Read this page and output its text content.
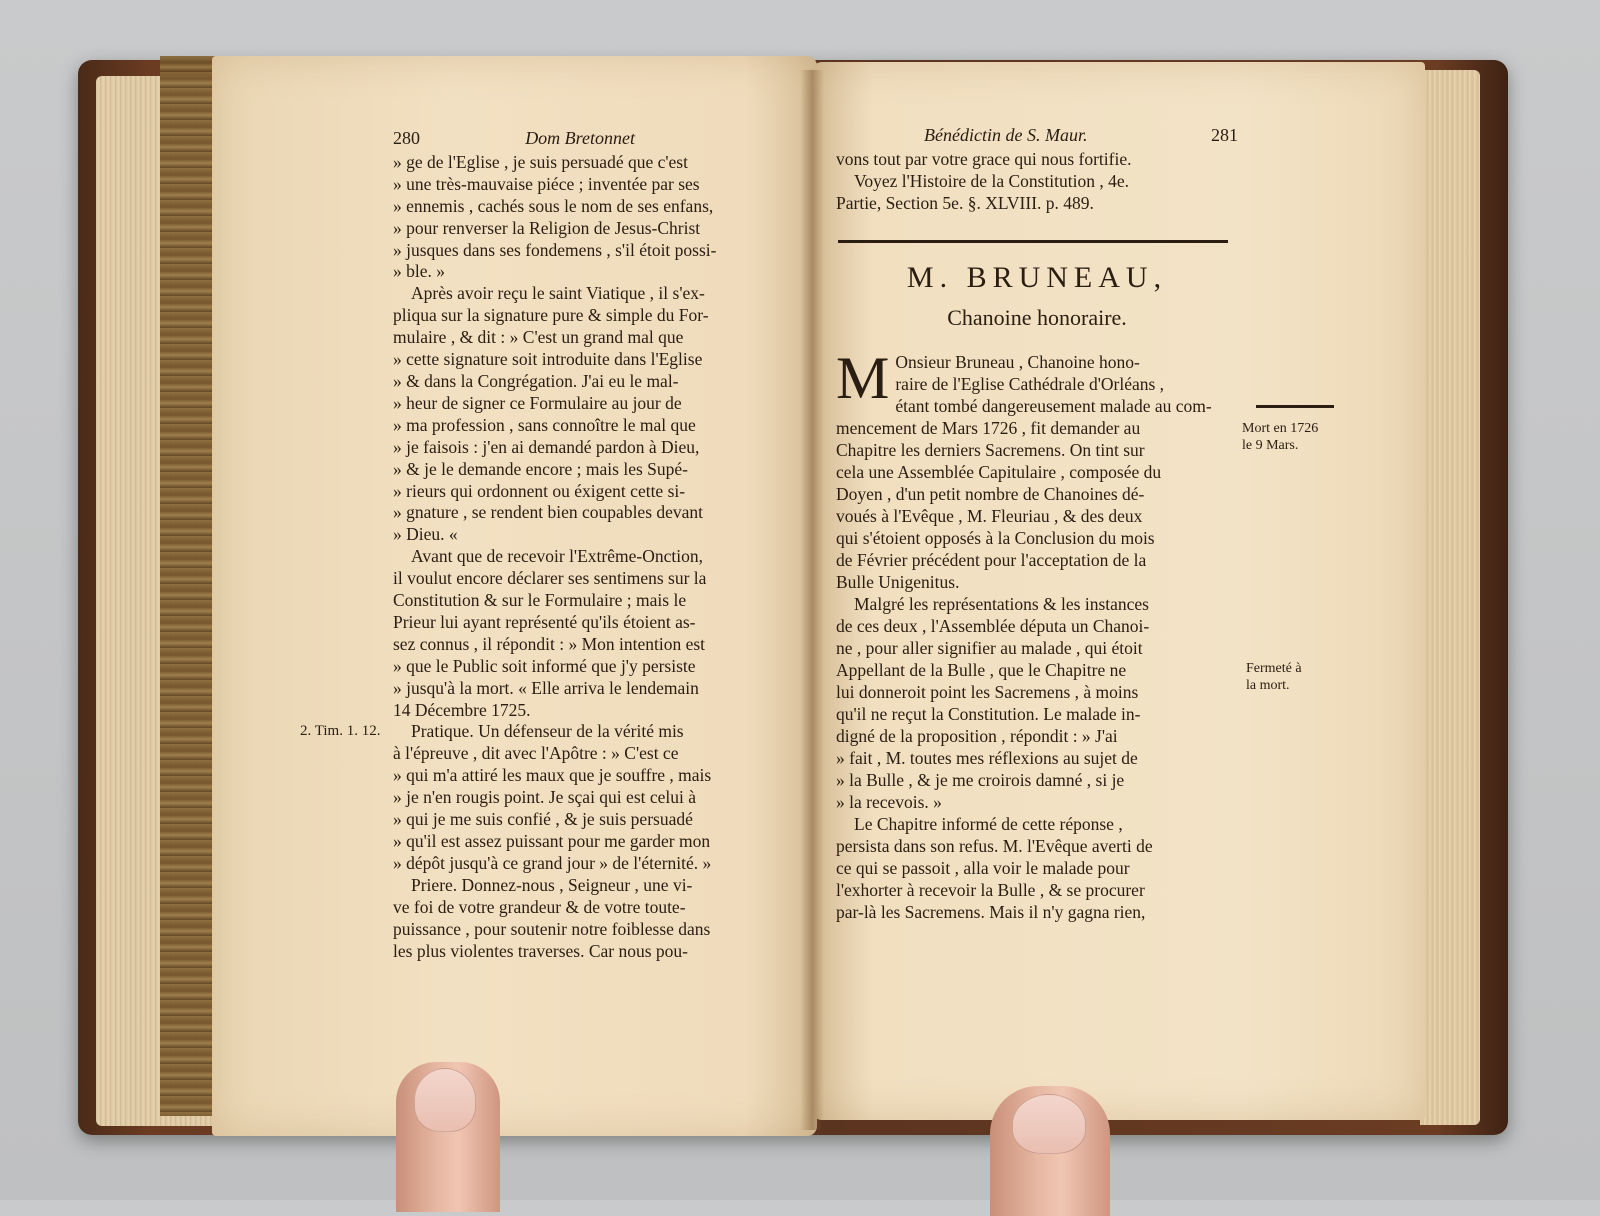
280	Dom Bretonnet
» ge de l'Eglise , je suis persuadé que c'est
» une très-mauvaise piéce ; inventée par ses
» ennemis , cachés sous le nom de ses enfans,
» pour renverser la Religion de Jesus-Christ
» jusques dans ses fondemens , s'il étoit possi-
» ble. »
Après avoir reçu le saint Viatique , il s'ex-
pliqua sur la signature pure & simple du For-
mulaire , & dit : » C'est un grand mal que
» cette signature soit introduite dans l'Eglise
» & dans la Congrégation. J'ai eu le mal-
» heur de signer ce Formulaire au jour de
» ma profession , sans connoître le mal que
» je faisois : j'en ai demandé pardon à Dieu,
» & je le demande encore ; mais les Supé-
» rieurs qui ordonnent ou éxigent cette si-
» gnature , se rendent bien coupables devant
» Dieu. «
Avant que de recevoir l'Extrême-Onction,
il voulut encore déclarer ses sentimens sur la
Constitution & sur le Formulaire ; mais le
Prieur lui ayant représenté qu'ils étoient as-
sez connus , il répondit : » Mon intention est
» que le Public soit informé que j'y persiste
» jusqu'à la mort. « Elle arriva le lendemain
14 Décembre 1725.
Pratique. Un défenseur de la vérité mis
à l'épreuve , dit avec l'Apôtre : » C'est ce
» qui m'a attiré les maux que je souffre , mais
» je n'en rougis point. Je sçai qui est celui à
» qui je me suis confié , & je suis persuadé
» qu'il est assez puissant pour me garder mon
» dépôt jusqu'à ce grand jour » de l'éternité. »
Priere. Donnez-nous , Seigneur , une vi-
ve foi de votre grandeur & de votre toute-
puissance , pour soutenir notre foiblesse dans
les plus violentes traverses. Car nous pou-
2. Tim. 1. 12.
Bénédictin de S. Maur.	281
vons tout par votre grace qui nous fortifie.
Voyez l'Histoire de la Constitution , 4e.
Partie, Section 5e. §. XLVIII. p. 489.
M. BRUNEAU,
Chanoine honoraire.
M Onsieur Bruneau , Chanoine hono-
raire de l'Eglise Cathédrale d'Orléans ,
étant tombé dangereusement malade au com-
mencement de Mars 1726 , fit demander au
Chapitre les derniers Sacremens. On tint sur
cela une Assemblée Capitulaire , composée du
Doyen , d'un petit nombre de Chanoines dé-
voués à l'Evêque , M. Fleuriau , & des deux
qui s'étoient opposés à la Conclusion du mois
de Février précédent pour l'acceptation de la
Bulle Unigenitus.
Malgré les représentations & les instances
de ces deux , l'Assemblée députa un Chanoi-
ne , pour aller signifier au malade , qui étoit
Appellant de la Bulle , que le Chapitre ne
lui donneroit point les Sacremens , à moins
qu'il ne reçut la Constitution. Le malade in-
digné de la proposition , répondit : » J'ai
» fait , M. toutes mes réflexions au sujet de
» la Bulle , & je me croirois damné , si je
» la recevois. »
Le Chapitre informé de cette réponse ,
persista dans son refus. M. l'Evêque averti de
ce qui se passoit , alla voir le malade pour
l'exhorter à recevoir la Bulle , & se procurer
par-là les Sacremens. Mais il n'y gagna rien,
Mort en 1726
le 9 Mars.
Fermeté à
la mort.
